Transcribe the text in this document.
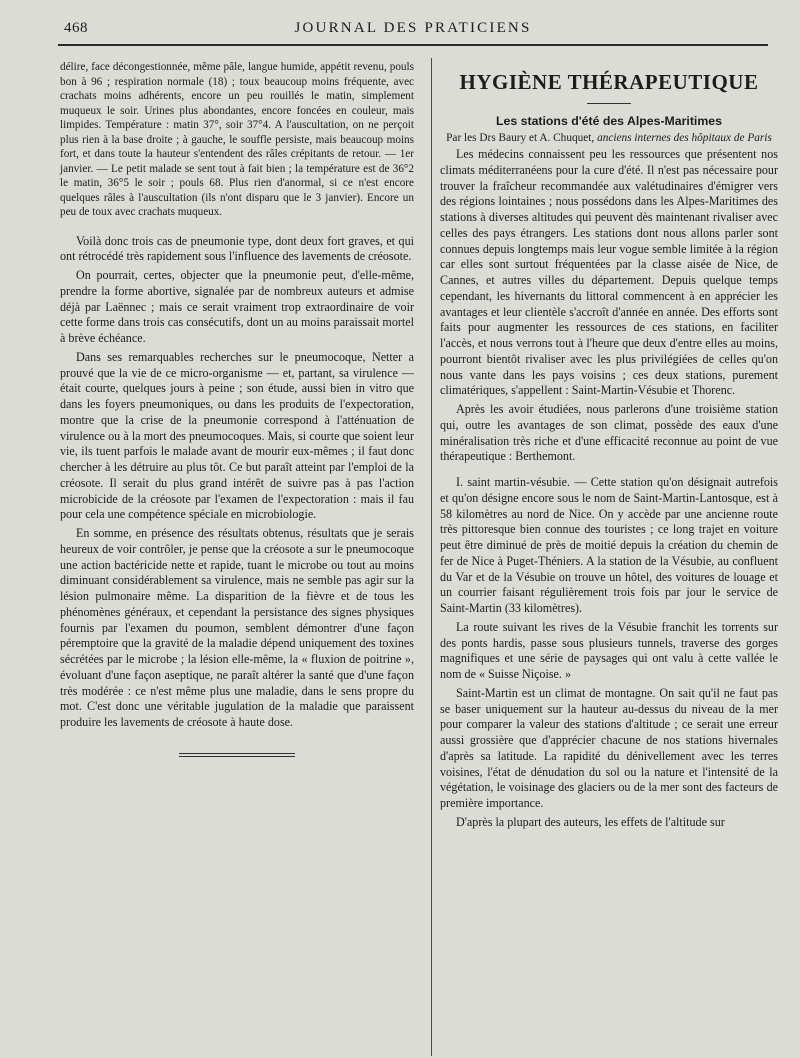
468	JOURNAL DES PRATICIENS

délire, face décongestionnée, même pâle, langue humide, appétit revenu, pouls bon à 96 ; respiration normale (18) ; toux beaucoup moins fréquente, avec crachats moins adhérents, encore un peu rouillés le matin, simplement muqueux le soir. Urines plus abondantes, encore foncées en couleur, mais limpides. Température : matin 37°, soir 37°4. A l'auscultation, on ne perçoit plus rien à la base droite ; à gauche, le souffle persiste, mais beaucoup moins fort, et dans toute la hauteur s'entendent des râles crépitants de retour. — 1er janvier. — Le petit malade se sent tout à fait bien ; la température est de 36°2 le matin, 36°5 le soir ; pouls 68. Plus rien d'anormal, si ce n'est encore quelques râles à l'auscultation (ils n'ont disparu que le 3 janvier). Encore un peu de toux avec crachats muqueux.

Voilà donc trois cas de pneumonie type, dont deux fort graves, et qui ont rétrocédé très rapidement sous l'influence des lavements de créosote.

On pourrait, certes, objecter que la pneumonie peut, d'elle-même, prendre la forme abortive, signalée par de nombreux auteurs et admise déjà par Laënnec ; mais ce serait vraiment trop extraordinaire de voir cette forme dans trois cas consécutifs, dont un au moins paraissait mortel à brève échéance.

Dans ses remarquables recherches sur le pneumocoque, Netter a prouvé que la vie de ce micro-organisme — et, partant, sa virulence — était courte, quelques jours à peine ; son étude, aussi bien in vitro que dans les foyers pneumoniques, ou dans les produits de l'expectoration, montre que la crise de la pneumonie correspond à l'atténuation de virulence ou à la mort des pneumocoques. Mais, si courte que soient leur vie, ils tuent parfois le malade avant de mourir eux-mêmes ; il faut donc chercher à les détruire au plus tôt. Ce but paraît atteint par l'emploi de la créosote. Il serait du plus grand intérêt de suivre pas à pas l'action microbicide de la créosote par l'examen de l'expectoration : mais il fau pour cela une compétence spéciale en microbiologie.

En somme, en présence des résultats obtenus, résultats que je serais heureux de voir contrôler, je pense que la créosote a sur le pneumocoque une action bactéricide nette et rapide, tuant le microbe ou tout au moins diminuant considérablement sa virulence, mais ne semble pas agir sur la lésion pulmonaire même. La disparition de la fièvre et de tous les phénomènes généraux, et cependant la persistance des signes physiques fournis par l'examen du poumon, semblent démontrer d'une façon péremptoire que la gravité de la maladie dépend uniquement des toxines sécrétées par le microbe ; la lésion elle-même, la « fluxion de poitrine », évoluant d'une façon aseptique, ne paraît altérer la santé que d'une façon très modérée : ce n'est même plus une maladie, dans le sens propre du mot. C'est donc une véritable jugulation de la maladie que paraissent produire les lavements de créosote à haute dose.

HYGIÈNE THÉRAPEUTIQUE
Les stations d'été des Alpes-Maritimes
Par les Drs Baury et A. Chuquet, anciens internes des hôpitaux de Paris

Les médecins connaissent peu les ressources que présentent nos climats méditerranéens pour la cure d'été. Il n'est pas nécessaire pour trouver la fraîcheur recommandée aux valétudinaires d'émigrer vers des régions lointaines ; nous possédons dans les Alpes-Maritimes des stations à diverses altitudes qui peuvent dès maintenant rivaliser avec celles des pays étrangers. Les stations dont nous allons parler sont connues depuis longtemps mais leur vogue semble limitée à la région car elles sont surtout fréquentées par la classe aisée de Nice, de Cannes, et autres villes du département. Depuis quelque temps cependant, les hivernants du littoral commencent à en apprécier les avantages et leur clientèle s'accroît d'année en année. Des efforts sont faits pour augmenter les ressources de ces stations, en faciliter l'accès, et nous verrons tout à l'heure que deux d'entre elles au moins, pourront bientôt rivaliser avec les plus privilégiées de celles qu'on nous vante dans les pays voisins ; ces deux stations, purement climatériques, s'appellent : Saint-Martin-Vésubie et Thorenc.

Après les avoir étudiées, nous parlerons d'une troisième station qui, outre les avantages de son climat, possède des eaux d'une minéralisation très riche et d'une efficacité reconnue au point de vue thérapeutique : Berthemont.

I. saint martin-vésubie. — Cette station qu'on désignait autrefois et qu'on désigne encore sous le nom de Saint-Martin-Lantosque, est à 58 kilomètres au nord de Nice. On y accède par une ancienne route très pittoresque bien connue des touristes ; ce long trajet en voiture peut être diminué de près de moitié depuis la création du chemin de fer de Nice à Puget-Théniers. A la station de la Vésubie, au confluent du Var et de la Vésubie on trouve un hôtel, des voitures de louage et un courrier faisant régulièrement trois fois par jour le service de Saint-Martin (33 kilomètres).

La route suivant les rives de la Vésubie franchit les torrents sur des ponts hardis, passe sous plusieurs tunnels, traverse des gorges magnifiques et une série de paysages qui ont valu à cette vallée le nom de « Suisse Niçoise. »

Saint-Martin est un climat de montagne. On sait qu'il ne faut pas se baser uniquement sur la hauteur au-dessus du niveau de la mer pour comparer la valeur des stations d'altitude ; ce serait une erreur aussi grossière que d'apprécier chacune de nos stations hivernales d'après sa latitude. La rapidité du dénivellement avec les terres voisines, l'état de dénudation du sol ou la nature et l'intensité de la végétation, le voisinage des glaciers ou de la mer sont des facteurs de première importance.

D'après la plupart des auteurs, les effets de l'altitude sur
